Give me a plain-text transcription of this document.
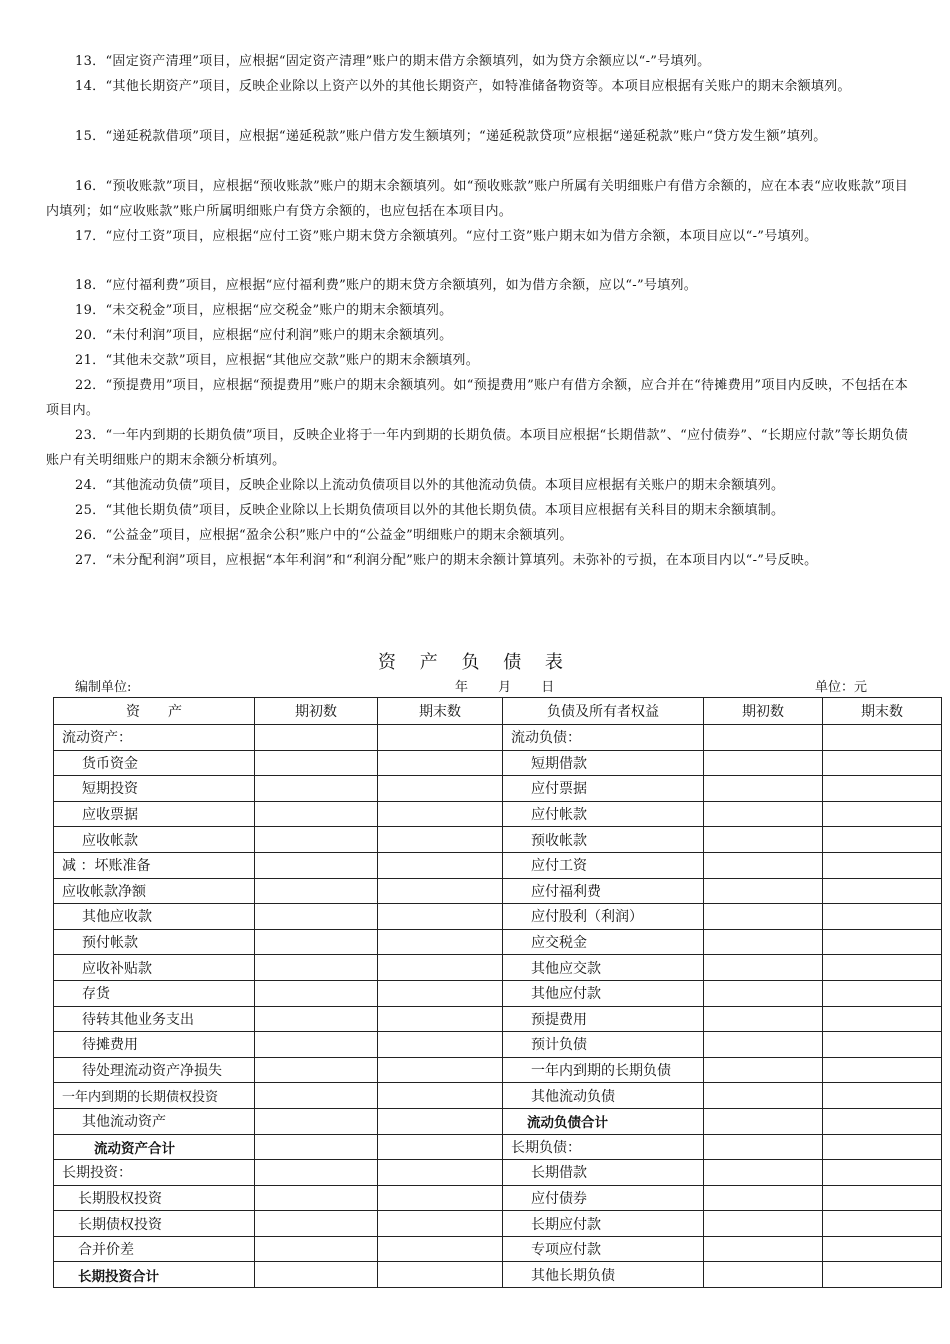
13．“固定资产清理”项目，应根据“固定资产清理”账户的期末借方余额填列，如为贷方余额应以“-”号填列。

14．“其他长期资产”项目，反映企业除以上资产以外的其他长期资产，如特准储备物资等。本项目应根据有关账户的期末余额填列。

15．“递延税款借项”项目，应根据“递延税款”账户借方发生额填列；“递延税款贷项”应根据“递延税款”账户“贷方发生额”填列。

16．“预收账款”项目，应根据“预收账款”账户的期末余额填列。如“预收账款”账户所属有关明细账户有借方余额的，应在本表“应收账款”项目内填列；如“应收账款”账户所属明细账户有贷方余额的，也应包括在本项目内。

17．“应付工资”项目，应根据“应付工资”账户期末贷方余额填列。“应付工资”账户期末如为借方余额，本项目应以“-”号填列。

18．“应付福利费”项目，应根据“应付福利费”账户的期末贷方余额填列，如为借方余额，应以“-”号填列。

19．“未交税金”项目，应根据“应交税金”账户的期末余额填列。

20．“未付利润”项目，应根据“应付利润”账户的期末余额填列。

21．“其他未交款”项目，应根据“其他应交款”账户的期末余额填列。

22．“预提费用”项目，应根据“预提费用”账户的期末余额填列。如“预提费用”账户有借方余额，应合并在“待摊费用”项目内反映，不包括在本项目内。

23．“一年内到期的长期负债”项目，反映企业将于一年内到期的长期负债。本项目应根据“长期借款”、“应付债券”、“长期应付款”等长期负债账户有关明细账户的期末余额分析填列。

24．“其他流动负债”项目，反映企业除以上流动负债项目以外的其他流动负债。本项目应根据有关账户的期末余额填列。

25．“其他长期负债”项目，反映企业除以上长期负债项目以外的其他长期负债。本项目应根据有关科目的期末余额填制。

26．“公益金”项目，应根据“盈余公积”账户中的“公益金”明细账户的期末余额填列。

27．“未分配利润”项目，应根据“本年利润”和“利润分配”账户的期末余额计算填列。未弥补的亏损，在本项目内以“-”号反映。

资 产 负 债 表
编制单位:	年　　 月　　 日	单位：元
资　　产	期初数	期末数	负债及所有者权益	期初数	期末数
流动资产：			流动负债：		
货币资金			短期借款		
短期投资			应付票据		
应收票据			应付帐款		
应收帐款			预收帐款		
减 ：坏账准备			应付工资		
应收帐款净额			应付福利费		
其他应收款			应付股利（利润）		
预付帐款			应交税金		
应收补贴款			其他应交款		
存货			其他应付款		
待转其他业务支出			预提费用		
待摊费用			预计负债		
待处理流动资产净损失			一年内到期的长期负债		
一年内到期的长期债权投资			其他流动负债		
其他流动资产			流动负债合计		
流动资产合计			长期负债：		
长期投资：			长期借款		
长期股权投资			应付债券		
长期债权投资			长期应付款		
合并价差			专项应付款		
长期投资合计			其他长期负债		
